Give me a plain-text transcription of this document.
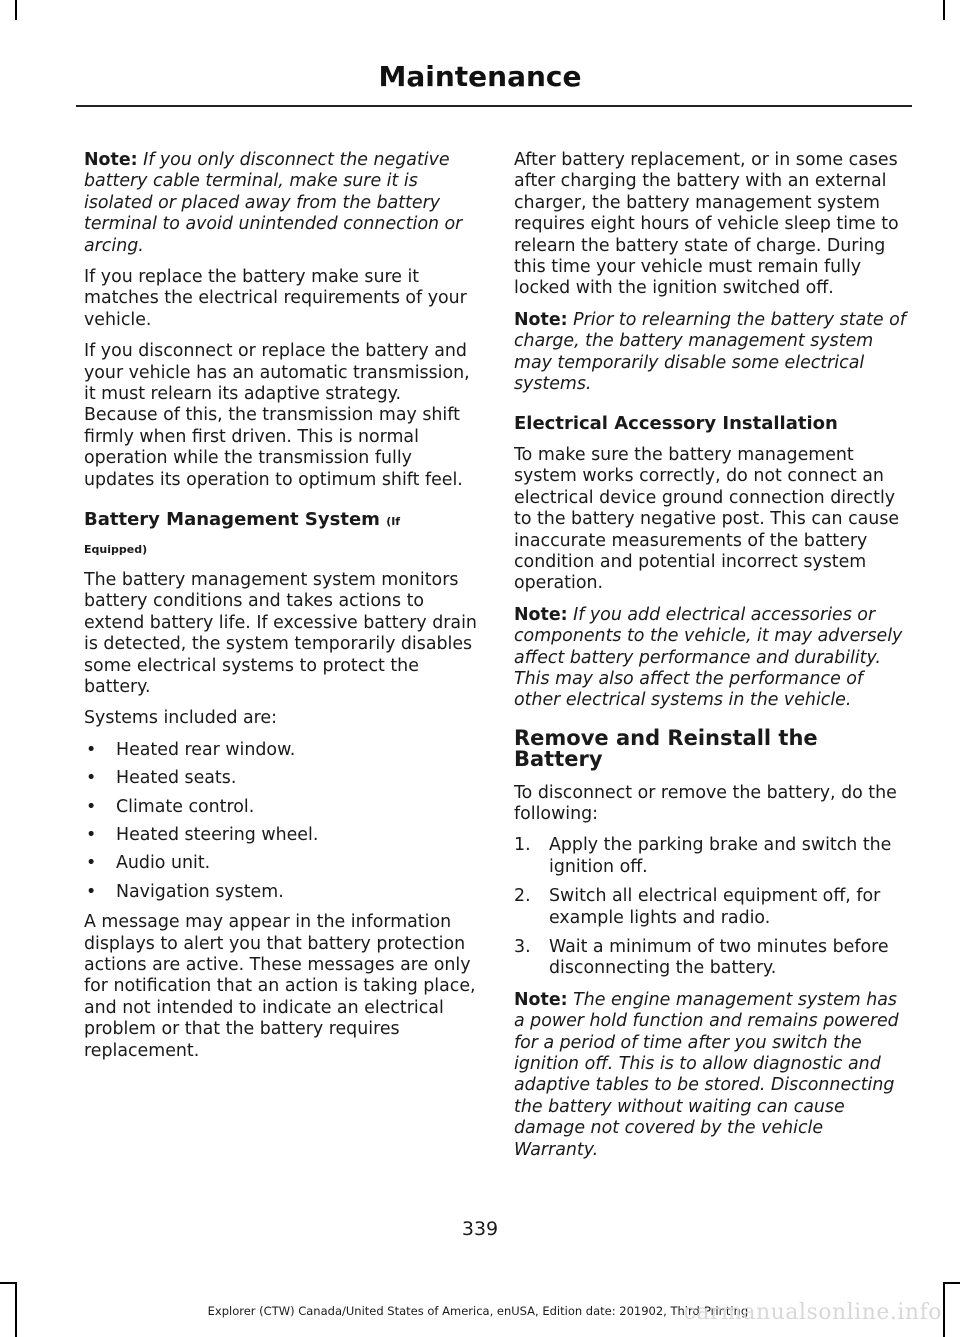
Maintenance

Note: If you only disconnect the negative battery cable terminal, make sure it is isolated or placed away from the battery terminal to avoid unintended connection or arcing.

If you replace the battery make sure it matches the electrical requirements of your vehicle.

If you disconnect or replace the battery and your vehicle has an automatic transmission, it must relearn its adaptive strategy. Because of this, the transmission may shift firmly when first driven. This is normal operation while the transmission fully updates its operation to optimum shift feel.

Battery Management System (If
Equipped)

The battery management system monitors battery conditions and takes actions to extend battery life. If excessive battery drain is detected, the system temporarily disables some electrical systems to protect the battery.

Systems included are:

• Heated rear window.
• Heated seats.
• Climate control.
• Heated steering wheel.
• Audio unit.
• Navigation system.

A message may appear in the information displays to alert you that battery protection actions are active. These messages are only for notification that an action is taking place, and not intended to indicate an electrical problem or that the battery requires replacement.

After battery replacement, or in some cases after charging the battery with an external charger, the battery management system requires eight hours of vehicle sleep time to relearn the battery state of charge. During this time your vehicle must remain fully locked with the ignition switched off.

Note: Prior to relearning the battery state of charge, the battery management system may temporarily disable some electrical systems.

Electrical Accessory Installation

To make sure the battery management system works correctly, do not connect an electrical device ground connection directly to the battery negative post. This can cause inaccurate measurements of the battery condition and potential incorrect system operation.

Note: If you add electrical accessories or components to the vehicle, it may adversely affect battery performance and durability. This may also affect the performance of other electrical systems in the vehicle.

Remove and Reinstall the Battery

To disconnect or remove the battery, do the following:

1. Apply the parking brake and switch the ignition off.
2. Switch all electrical equipment off, for example lights and radio.
3. Wait a minimum of two minutes before disconnecting the battery.

Note: The engine management system has a power hold function and remains powered for a period of time after you switch the ignition off. This is to allow diagnostic and adaptive tables to be stored. Disconnecting the battery without waiting can cause damage not covered by the vehicle Warranty.

339
Explorer (CTW) Canada/United States of America, enUSA, Edition date: 201902, Third-Printing-
carmanualsonline.info
